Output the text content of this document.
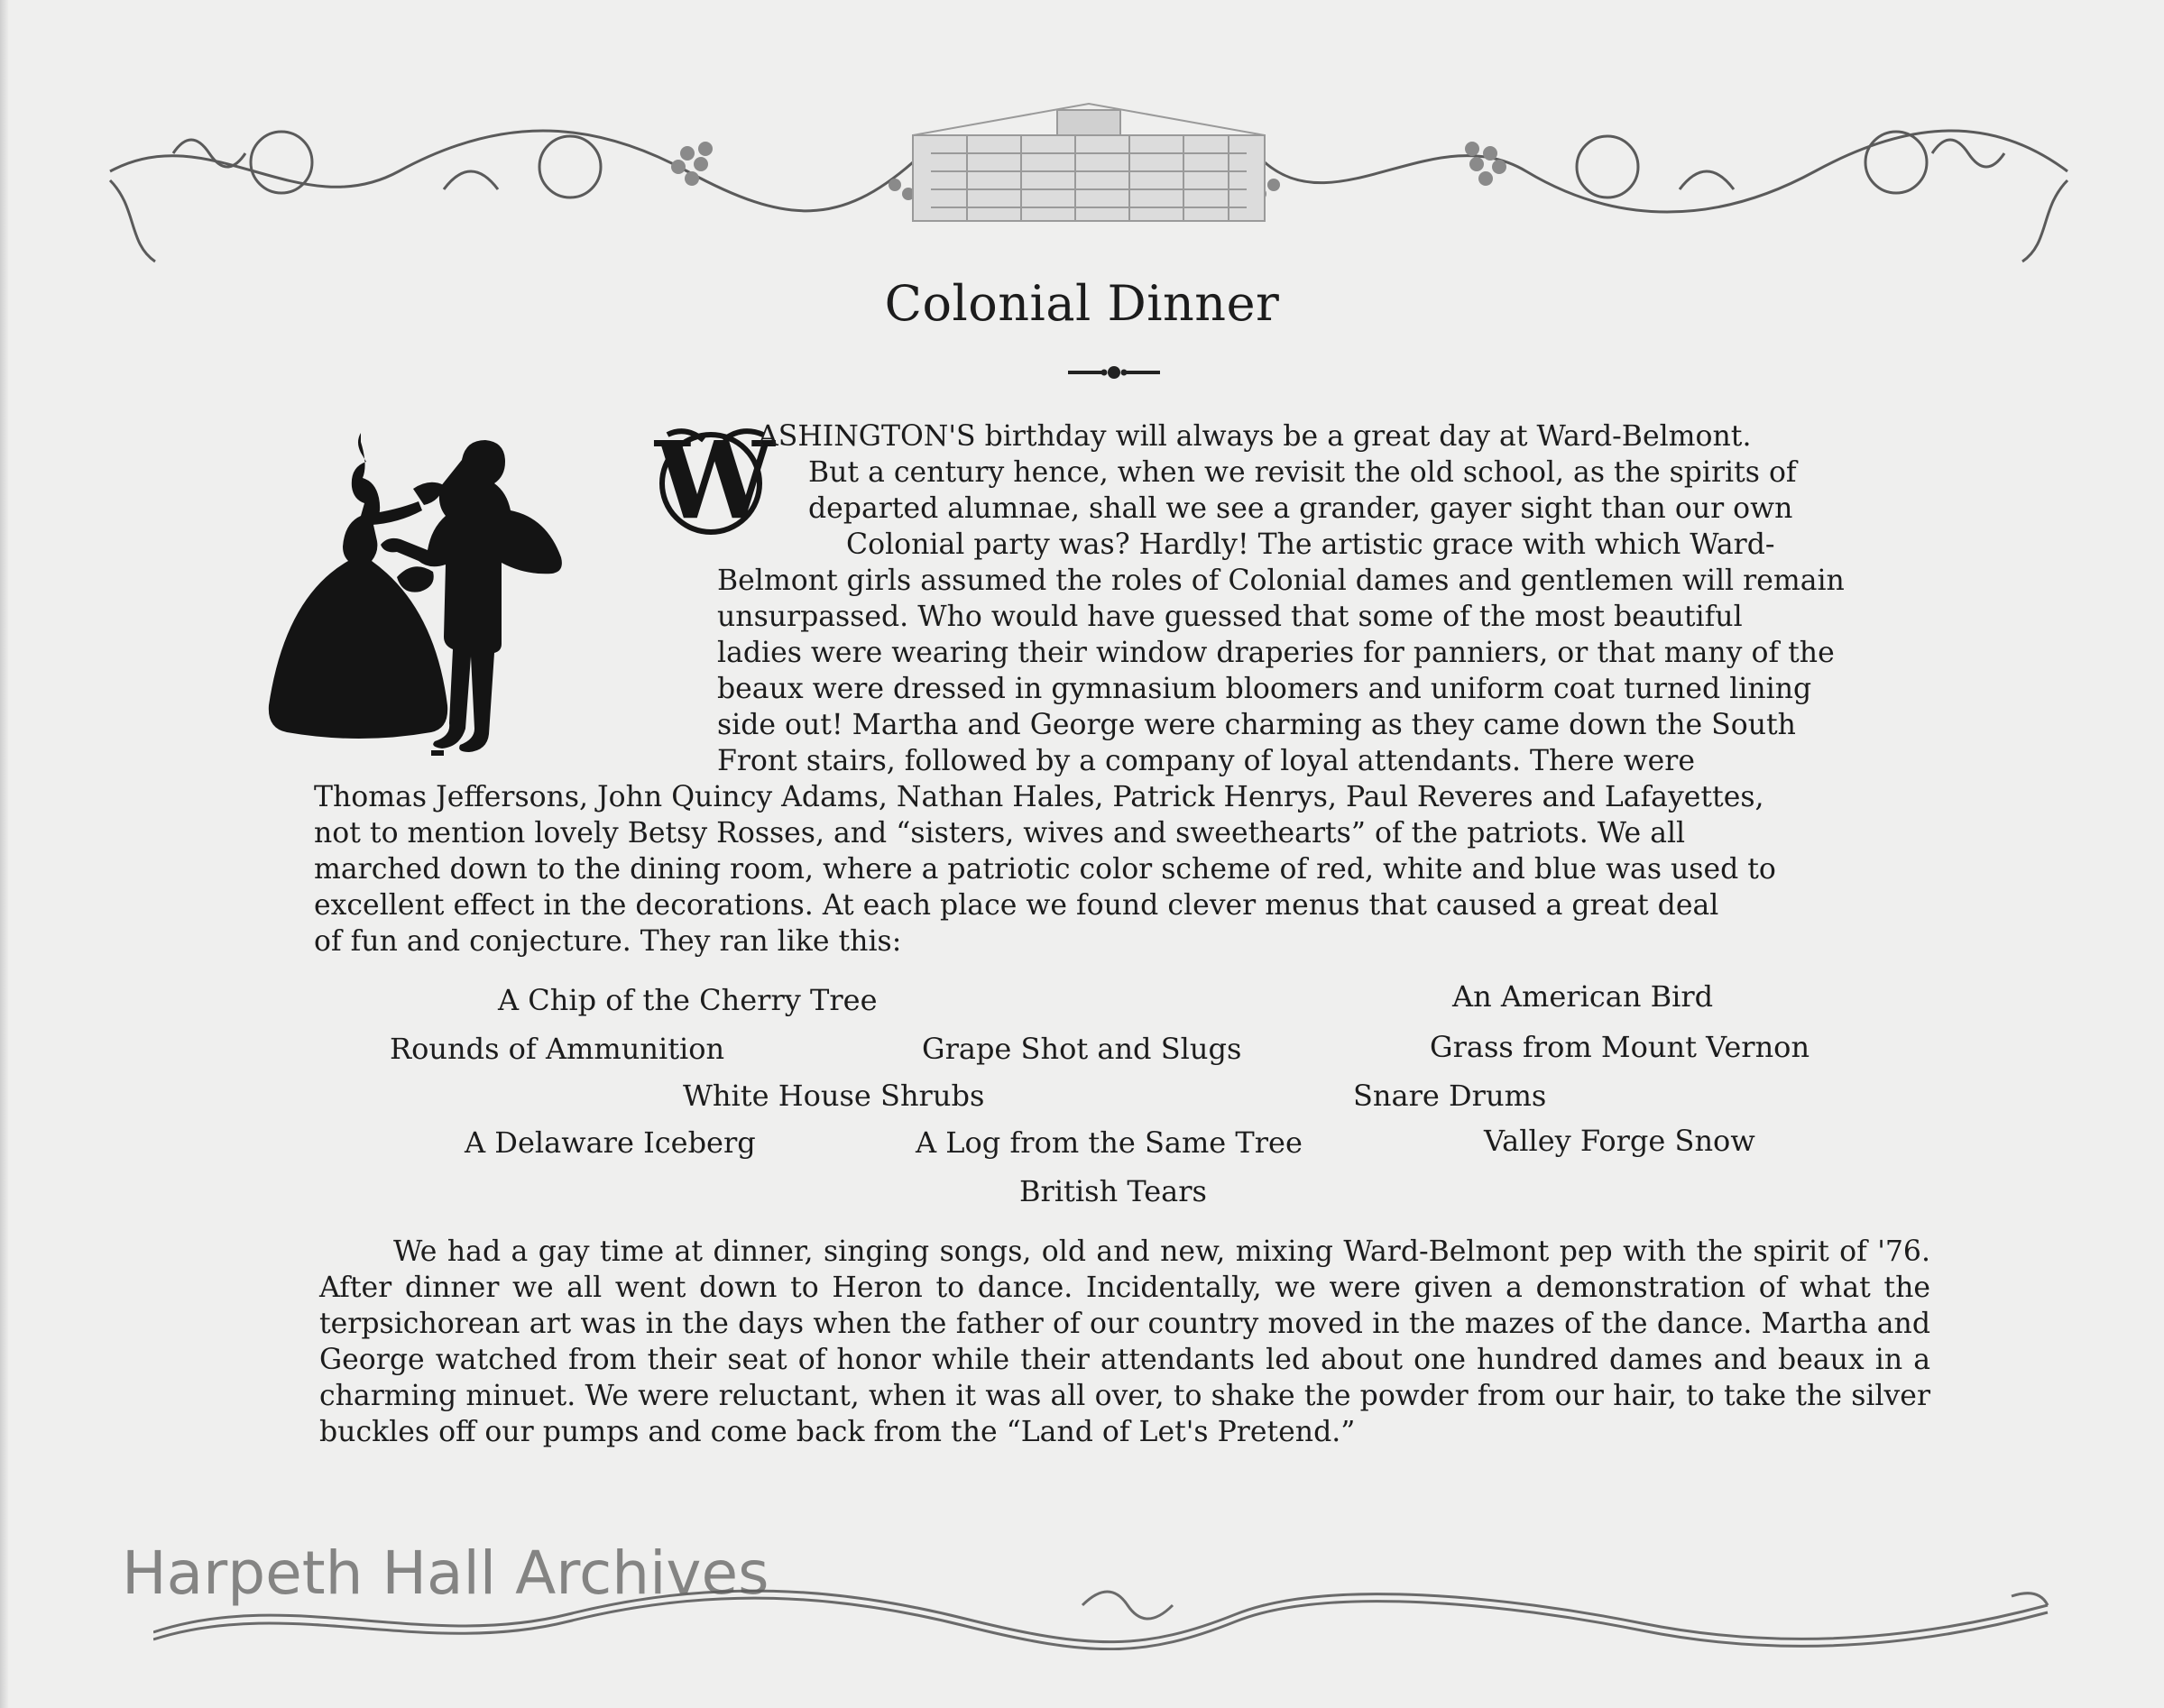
Colonial Dinner
W
ASHINGTON'S birthday will always be a great day at Ward-Belmont.
But a century hence, when we revisit the old school, as the spirits of
departed alumnae, shall we see a grander, gayer sight than our own
Colonial party was? Hardly! The artistic grace with which Ward-
Belmont girls assumed the roles of Colonial dames and gentlemen will remain
unsurpassed. Who would have guessed that some of the most beautiful
ladies were wearing their window draperies for panniers, or that many of the
beaux were dressed in gymnasium bloomers and uniform coat turned lining
side out! Martha and George were charming as they came down the South
Front stairs, followed by a company of loyal attendants. There were
Thomas Jeffersons, John Quincy Adams, Nathan Hales, Patrick Henrys, Paul Reveres and Lafayettes,
not to mention lovely Betsy Rosses, and “sisters, wives and sweethearts” of the patriots. We all
marched down to the dining room, where a patriotic color scheme of red, white and blue was used to
excellent effect in the decorations. At each place we found clever menus that caused a great deal
of fun and conjecture. They ran like this:
A Chip of the Cherry Tree	An American Bird
Rounds of Ammunition	Grape Shot and Slugs	Grass from Mount Vernon
White House Shrubs	Snare Drums
A Delaware Iceberg	A Log from the Same Tree	Valley Forge Snow
British Tears
We had a gay time at dinner, singing songs, old and new, mixing Ward-Belmont pep with the spirit of '76. After dinner we all went down to Heron to dance. Incidentally, we were given a demonstration of what the terpsichorean art was in the days when the father of our country moved in the mazes of the dance. Martha and George watched from their seat of honor while their attendants led about one hundred dames and beaux in a charming minuet. We were reluctant, when it was all over, to shake the powder from our hair, to take the silver buckles off our pumps and come back from the “Land of Let's Pretend.”
Harpeth Hall Archives
